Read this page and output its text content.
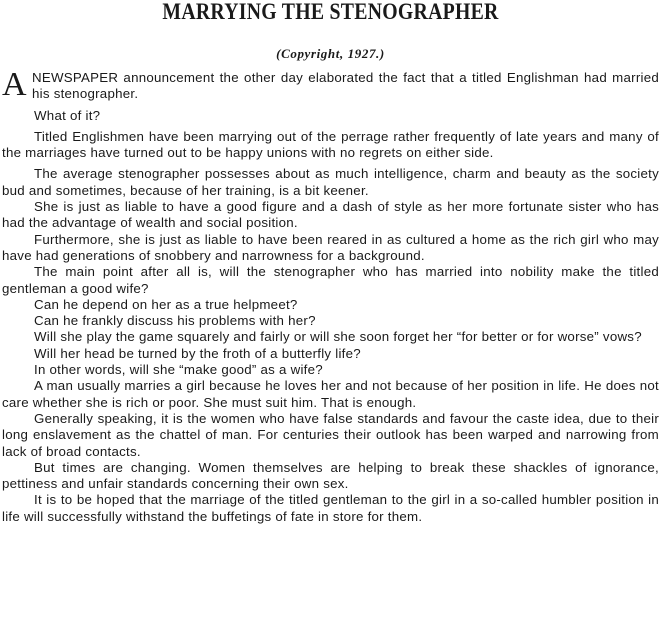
MARRYING THE STENOGRAPHER
(Copyright, 1927.)

A NEWSPAPER announcement the other day elaborated the fact that a titled Englishman had married his stenographer.

What of it?

Titled Englishmen have been marrying out of the perrage rather frequently of late years and many of the marriages have turned out to be happy unions with no regrets on either side.

The average stenographer possesses about as much intelligence, charm and beauty as the society bud and sometimes, because of her training, is a bit keener.

She is just as liable to have a good figure and a dash of style as her more fortunate sister who has had the advantage of wealth and social position.

Furthermore, she is just as liable to have been reared in as cultured a home as the rich girl who may have had generations of snobbery and narrowness for a background.

The main point after all is, will the stenographer who has married into nobility make the titled gentleman a good wife?

Can he depend on her as a true helpmeet?

Can he frankly discuss his problems with her?

Will she play the game squarely and fairly or will she soon forget her “for better or for worse” vows?

Will her head be turned by the froth of a butterfly life?

In other words, will she “make good” as a wife?

A man usually marries a girl because he loves her and not because of her position in life. He does not care whether she is rich or poor. She must suit him. That is enough.

Generally speaking, it is the women who have false standards and favour the caste idea, due to their long enslavement as the chattel of man. For centuries their outlook has been warped and narrowing from lack of broad contacts.

But times are changing. Women themselves are helping to break these shackles of ignorance, pettiness and unfair standards concerning their own sex.

It is to be hoped that the marriage of the titled gentleman to the girl in a so-called humbler position in life will successfully withstand the buffetings of fate in store for them.
